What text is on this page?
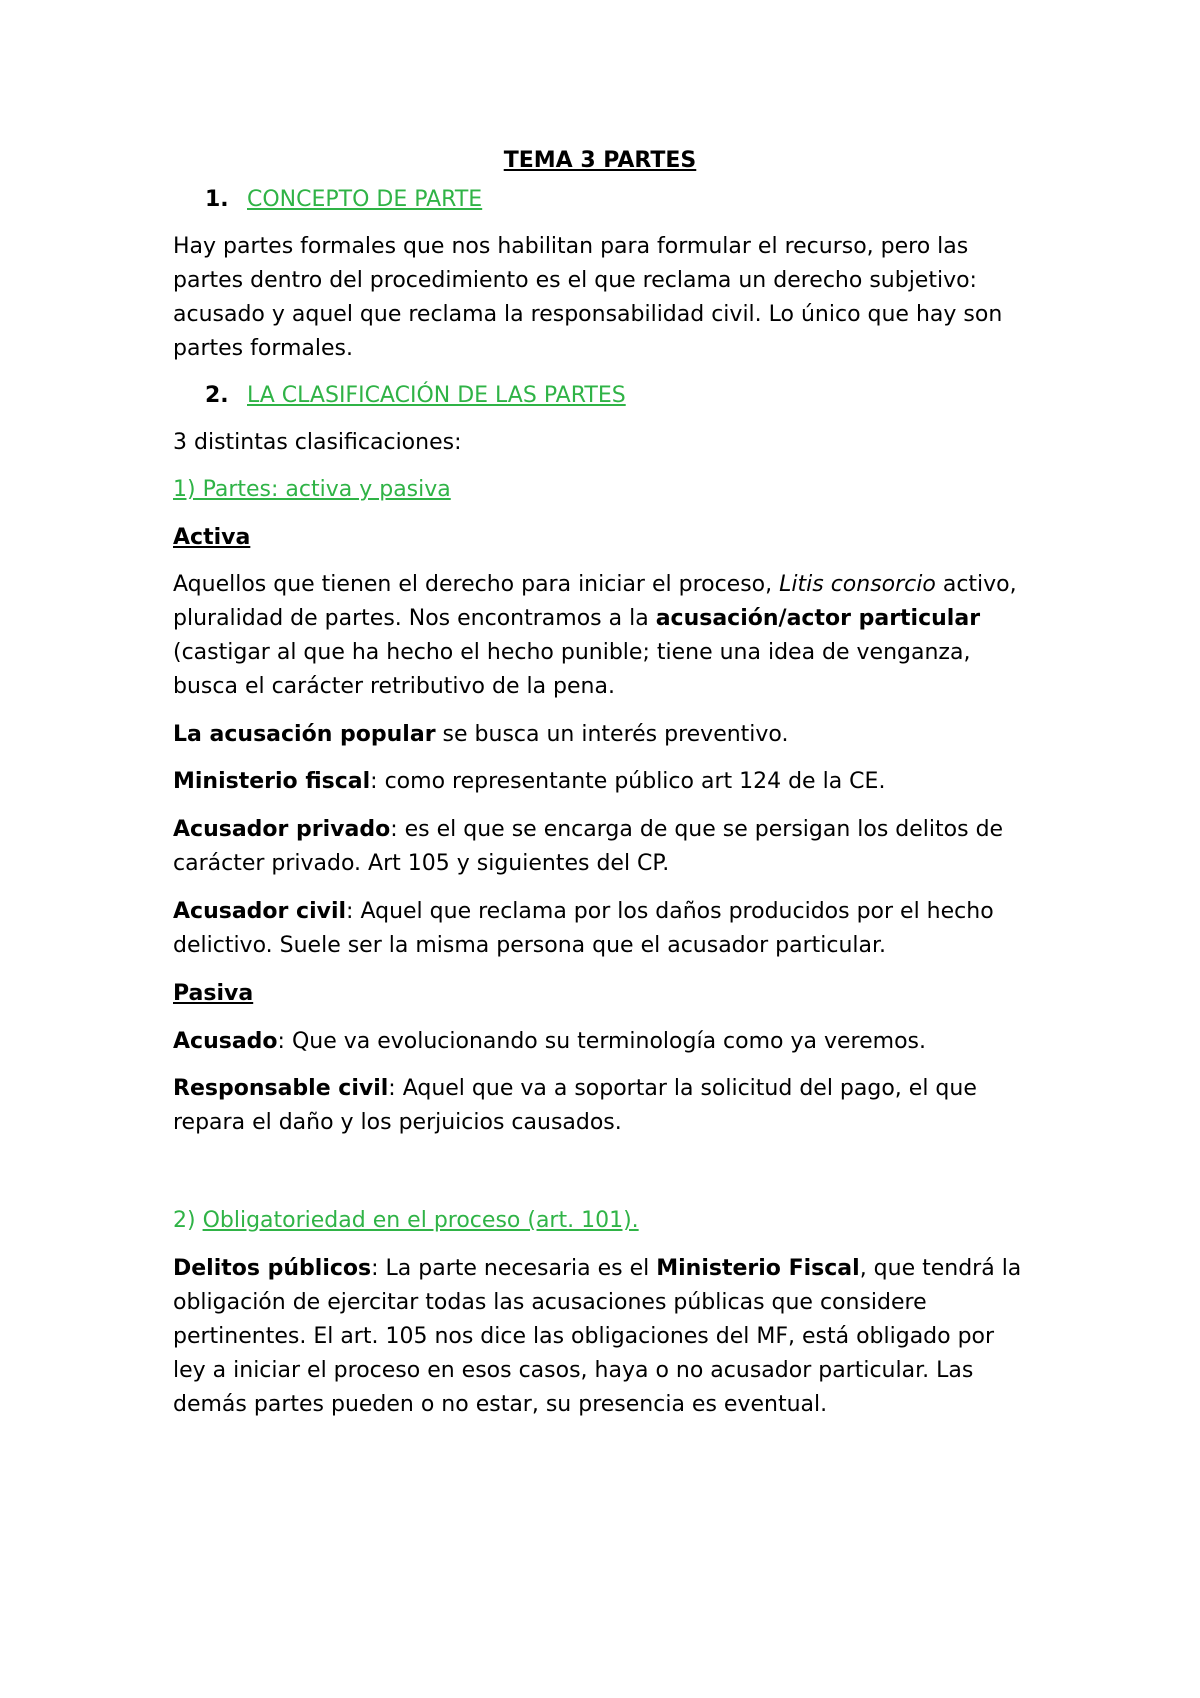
TEMA 3 PARTES
1. CONCEPTO DE PARTE
Hay partes formales que nos habilitan para formular el recurso, pero las
partes dentro del procedimiento es el que reclama un derecho subjetivo:
acusado y aquel que reclama la responsabilidad civil. Lo único que hay son
partes formales.
2. LA CLASIFICACIÓN DE LAS PARTES
3 distintas clasificaciones:
1) Partes: activa y pasiva
Activa
Aquellos que tienen el derecho para iniciar el proceso, Litis consorcio activo,
pluralidad de partes. Nos encontramos a la acusación/actor particular
(castigar al que ha hecho el hecho punible; tiene una idea de venganza,
busca el carácter retributivo de la pena.
La acusación popular se busca un interés preventivo.
Ministerio fiscal: como representante público art 124 de la CE.
Acusador privado: es el que se encarga de que se persigan los delitos de
carácter privado. Art 105 y siguientes del CP.
Acusador civil: Aquel que reclama por los daños producidos por el hecho
delictivo. Suele ser la misma persona que el acusador particular.
Pasiva
Acusado: Que va evolucionando su terminología como ya veremos.
Responsable civil: Aquel que va a soportar la solicitud del pago, el que
repara el daño y los perjuicios causados.
2) Obligatoriedad en el proceso (art. 101).
Delitos públicos: La parte necesaria es el Ministerio Fiscal, que tendrá la
obligación de ejercitar todas las acusaciones públicas que considere
pertinentes. El art. 105 nos dice las obligaciones del MF, está obligado por
ley a iniciar el proceso en esos casos, haya o no acusador particular. Las
demás partes pueden o no estar, su presencia es eventual.
